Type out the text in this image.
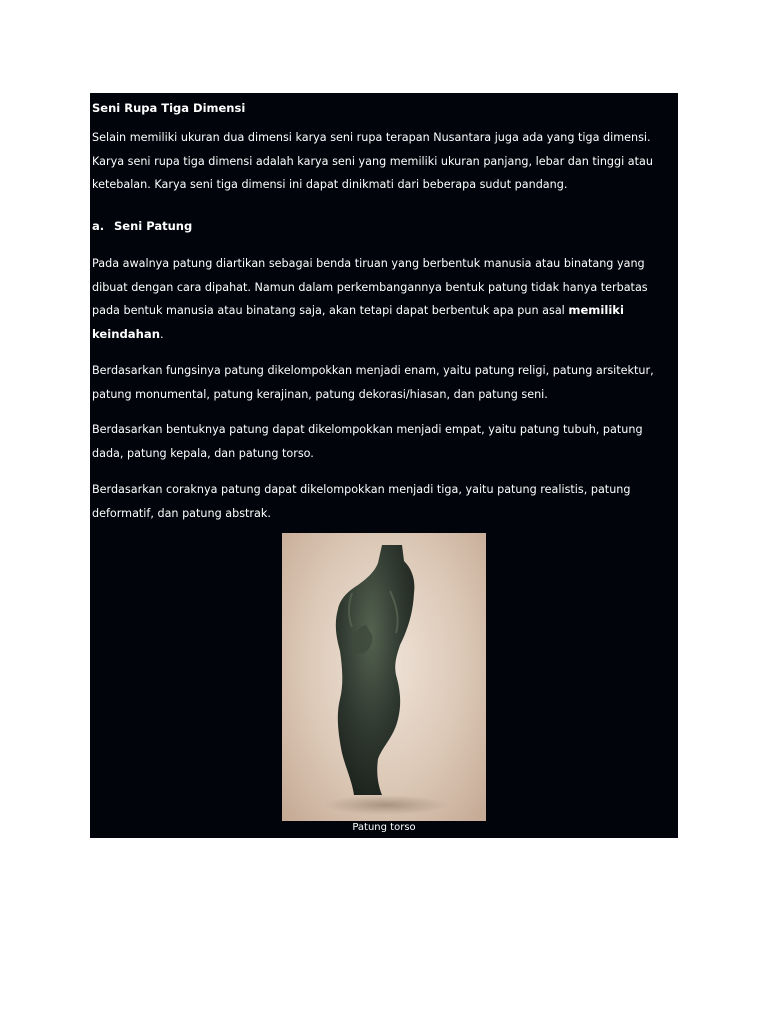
Seni Rupa Tiga Dimensi

Selain memiliki ukuran dua dimensi karya seni rupa terapan Nusantara juga ada yang tiga dimensi.
Karya seni rupa tiga dimensi adalah karya seni yang memiliki ukuran panjang, lebar dan tinggi atau
ketebalan. Karya seni tiga dimensi ini dapat dinikmati dari beberapa sudut pandang.

a. Seni Patung

Pada awalnya patung diartikan sebagai benda tiruan yang berbentuk manusia atau binatang yang
dibuat dengan cara dipahat. Namun dalam perkembangannya bentuk patung tidak hanya terbatas
pada bentuk manusia atau binatang saja, akan tetapi dapat berbentuk apa pun asal memiliki
keindahan.

Berdasarkan fungsinya patung dikelompokkan menjadi enam, yaitu patung religi, patung arsitektur,
patung monumental, patung kerajinan, patung dekorasi/hiasan, dan patung seni.

Berdasarkan bentuknya patung dapat dikelompokkan menjadi empat, yaitu patung tubuh, patung
dada, patung kepala, dan patung torso.

Berdasarkan coraknya patung dapat dikelompokkan menjadi tiga, yaitu patung realistis, patung
deformatif, dan patung abstrak.

Patung torso
